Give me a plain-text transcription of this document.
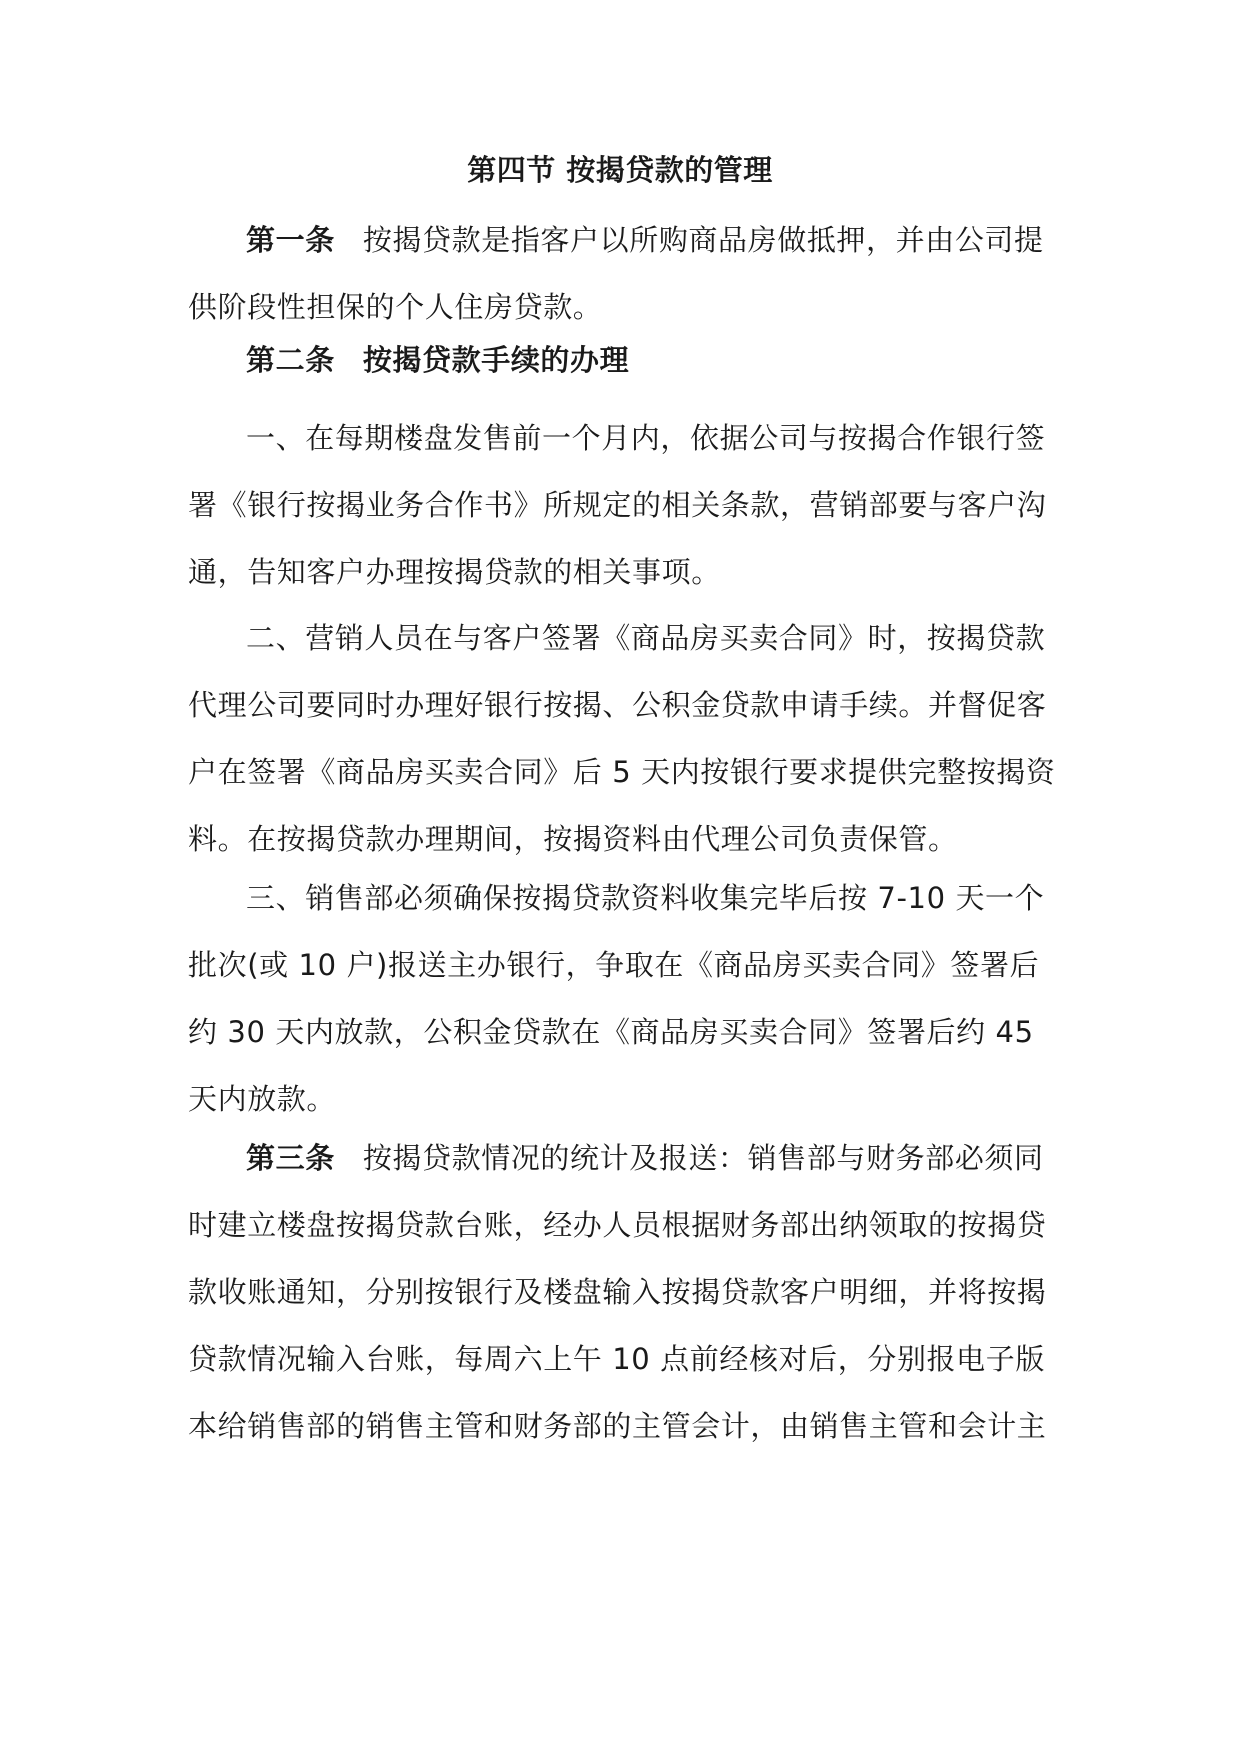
第四节 按揭贷款的管理

第一条 按揭贷款是指客户以所购商品房做抵押，并由公司提供阶段性担保的个人住房贷款。

第二条 按揭贷款手续的办理

一、在每期楼盘发售前一个月内，依据公司与按揭合作银行签署《银行按揭业务合作书》所规定的相关条款，营销部要与客户沟通，告知客户办理按揭贷款的相关事项。

二、营销人员在与客户签署《商品房买卖合同》时，按揭贷款代理公司要同时办理好银行按揭、公积金贷款申请手续。并督促客户在签署《商品房买卖合同》后 5 天内按银行要求提供完整按揭资料。在按揭贷款办理期间，按揭资料由代理公司负责保管。

三、销售部必须确保按揭贷款资料收集完毕后按 7-10 天一个批次(或 10 户)报送主办银行，争取在《商品房买卖合同》签署后约 30 天内放款，公积金贷款在《商品房买卖合同》签署后约 45 天内放款。

第三条 按揭贷款情况的统计及报送：销售部与财务部必须同时建立楼盘按揭贷款台账，经办人员根据财务部出纳领取的按揭贷款收账通知，分别按银行及楼盘输入按揭贷款客户明细，并将按揭贷款情况输入台账，每周六上午 10 点前经核对后，分别报电子版本给销售部的销售主管和财务部的主管会计，由销售主管和会计主
